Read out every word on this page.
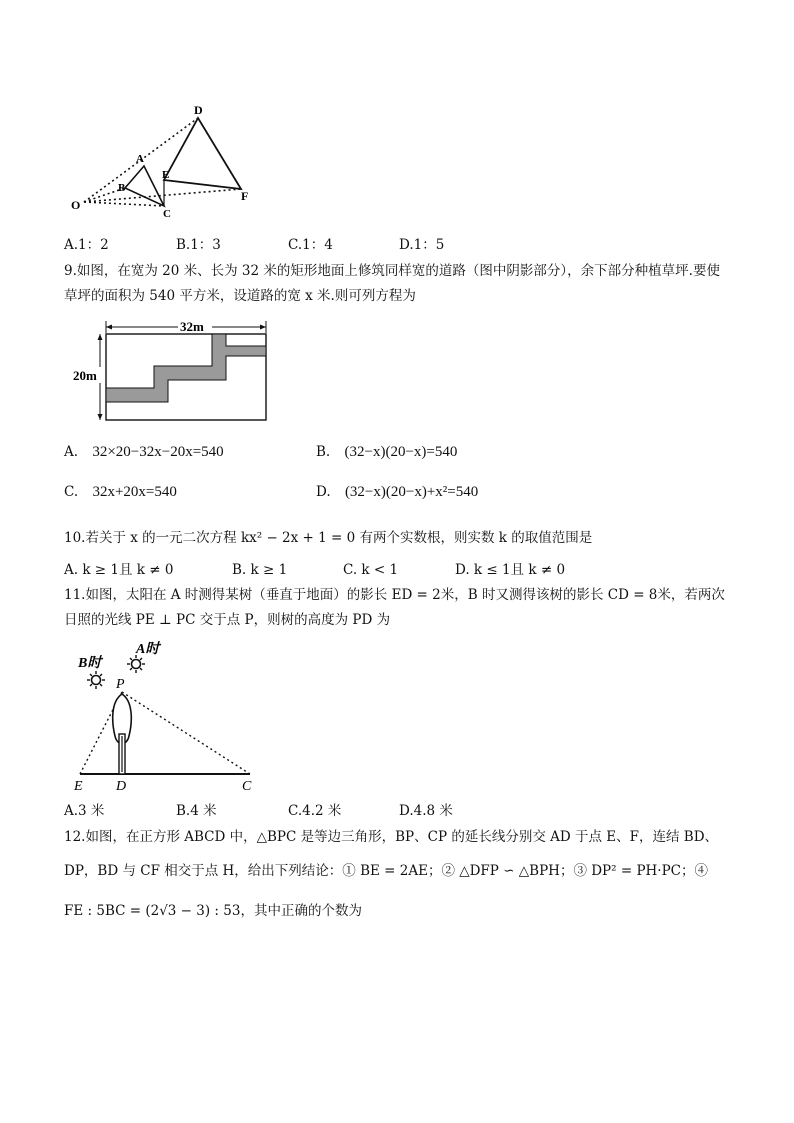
D
A
B
E
F
O
C
A.1：2	B.1：3	C.1：4	D.1：5
9.如图，在宽为 20 米、长为 32 米的矩形地面上修筑同样宽的道路（图中阴影部分），余下部分种植草坪.要使
草坪的面积为 540 平方米，设道路的宽 x 米.则可列方程为
32m
20m
A. 32×20−32x−20x=540	B. (32−x)(20−x)=540
C. 32x+20x=540	D. (32−x)(20−x)+x²=540
10.若关于 x 的一元二次方程 kx² − 2x + 1 = 0 有两个实数根，则实数 k 的取值范围是
A. k ≥ 1且 k ≠ 0	B. k ≥ 1	C. k < 1	D. k ≤ 1且 k ≠ 0
11.如图，太阳在 A 时测得某树（垂直于地面）的影长 ED = 2米，B 时又测得该树的影长 CD = 8米，若两次
日照的光线 PE ⊥ PC 交于点 P，则树的高度为 PD 为
B时
A时
P
E D	C
A.3 米	B.4 米	C.4.2 米	D.4.8 米
12.如图，在正方形 ABCD 中，△BPC 是等边三角形，BP、CP 的延长线分别交 AD 于点 E、F，连结 BD、
DP，BD 与 CF 相交于点 H，给出下列结论：① BE = 2AE；② △DFP ∽ △BPH；③ DP² = PH·PC；④
FE : 5BC = (2√3 − 3) : 53，其中正确的个数为
